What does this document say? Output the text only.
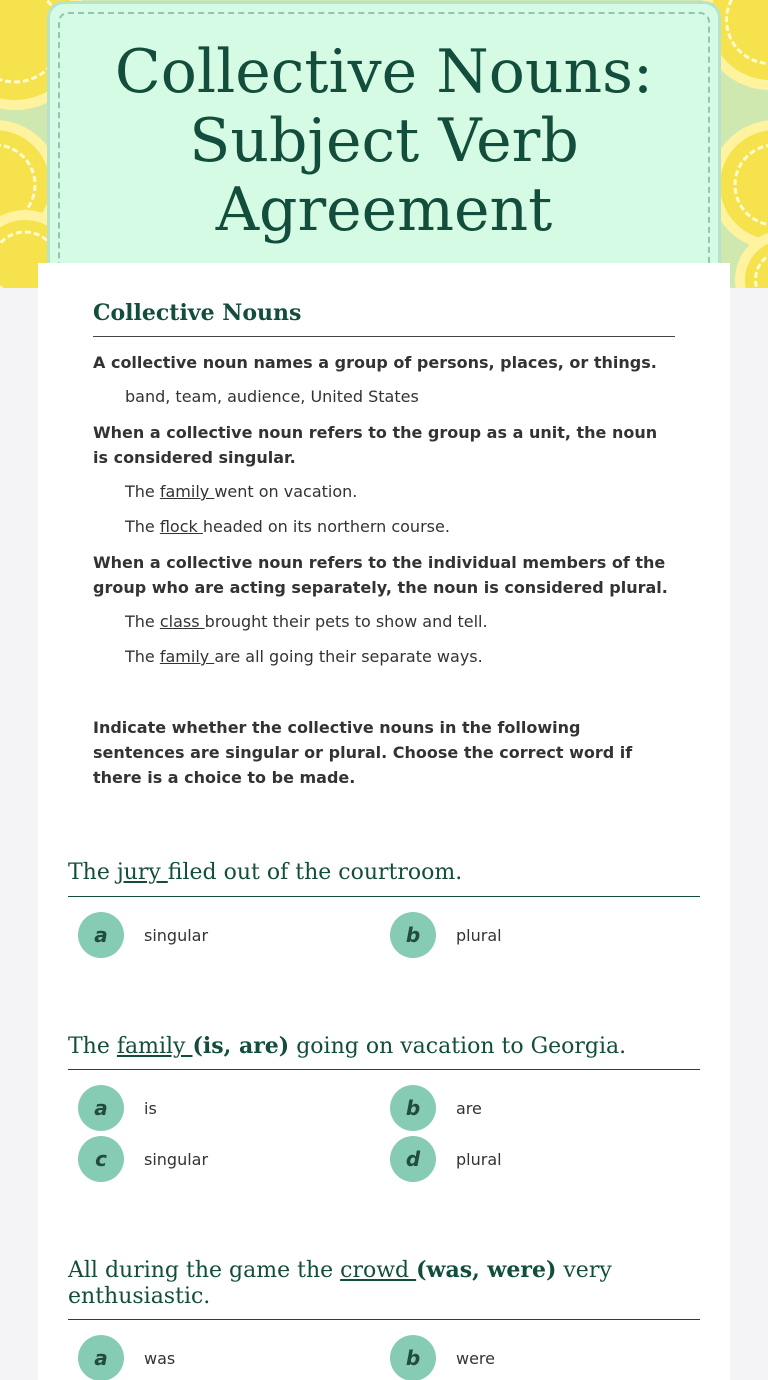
Collective Nouns:
Subject Verb
Agreement
Collective Nouns
A collective noun names a group of persons, places, or things.
band, team, audience, United States
When a collective noun refers to the group as a unit, the noun is considered singular.
The family went on vacation.
The flock headed on its northern course.
When a collective noun refers to the individual members of the group who are acting separately, the noun is considered plural.
The class brought their pets to show and tell.
The family are all going their separate ways.
Indicate whether the collective nouns in the following sentences are singular or plural. Choose the correct word if there is a choice to be made.
The jury filed out of the courtroom.
a	singular	b	plural
The family (is, are) going on vacation to Georgia.
a	is	b	are
c	singular	d	plural
All during the game the crowd (was, were) very enthusiastic.
a	was	b	were
